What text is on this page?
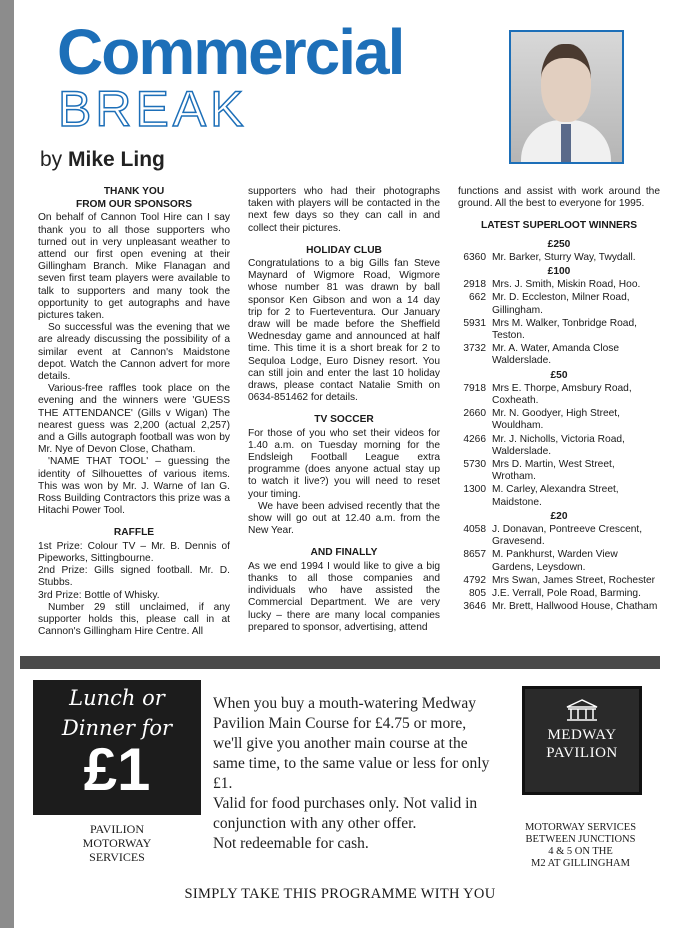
Commercial
BREAK
by Mike Ling
THANK YOU
FROM OUR SPONSORS

On behalf of Cannon Tool Hire can I say thank you to all those supporters who turned out in very unpleasant weather to attend our first open evening at their Gillingham Branch. Mike Flanagan and seven first team players were available to talk to supporters and many took the opportunity to get autographs and have pictures taken.

So successful was the evening that we are already discussing the possibility of a similar event at Cannon's Maidstone depot. Watch the Cannon advert for more details.

Various-free raffles took place on the evening and the winners were 'GUESS THE ATTENDANCE' (Gills v Wigan) The nearest guess was 2,200 (actual 2,257) and a Gills autograph football was won by Mr. Nye of Devon Close, Chatham.

'NAME THAT TOOL' – guessing the identity of Silhouettes of various items. This was won by Mr. J. Warne of Ian G. Ross Building Contractors this prize was a Hitachi Power Tool.

RAFFLE

1st Prize: Colour TV – Mr. B. Dennis of Pipeworks, Sittingbourne.

2nd Prize: Gills signed football. Mr. D. Stubbs.

3rd Prize: Bottle of Whisky.

Number 29 still unclaimed, if any supporter holds this, please call in at Cannon's Gillingham Hire Centre. All

supporters who had their photographs taken with players will be contacted in the next few days so they can call in and collect their pictures.

HOLIDAY CLUB

Congratulations to a big Gills fan Steve Maynard of Wigmore Road, Wigmore whose number 81 was drawn by ball sponsor Ken Gibson and won a 14 day trip for 2 to Fuerteventura. Our January draw will be made before the Sheffield Wednesday game and announced at half time. This time it is a short break for 2 to Sequloa Lodge, Euro Disney resort. You can still join and enter the last 10 holiday draws, please contact Natalie Smith on 0634-851462 for details.

TV SOCCER

For those of you who set their videos for 1.40 a.m. on Tuesday morning for the Endsleigh Football League extra programme (does anyone actual stay up to watch it live?) you will need to reset your timing.

We have been advised recently that the show will go out at 12.40 a.m. from the New Year.

AND FINALLY

As we end 1994 I would like to give a big thanks to all those companies and individuals who have assisted the Commercial Department. We are very lucky – there are many local companies prepared to sponsor, advertising, attend

functions and assist with work around the ground. All the best to everyone for 1995.

LATEST SUPERLOOT WINNERS
£250
6360 Mr. Barker, Sturry Way, Twydall.
£100
2918 Mrs. J. Smith, Miskin Road, Hoo.
662 Mr. D. Eccleston, Milner Road, Gillingham.
5931 Mrs M. Walker, Tonbridge Road, Teston.
3732 Mr. A. Water, Amanda Close Walderslade.
£50
7918 Mrs E. Thorpe, Amsbury Road, Coxheath.
2660 Mr. N. Goodyer, High Street, Wouldham.
4266 Mr. J. Nicholls, Victoria Road, Walderslade.
5730 Mrs D. Martin, West Street, Wrotham.
1300 M. Carley, Alexandra Street, Maidstone.
£20
4058 J. Donavan, Pontreeve Crescent, Gravesend.
8657 M. Pankhurst, Warden View Gardens, Leysdown.
4792 Mrs Swan, James Street, Rochester
805 J.E. Verrall, Pole Road, Barming.
3646 Mr. Brett, Hallwood House, Chatham
Lunch or
Dinner for
£1
PAVILION
MOTORWAY
SERVICES

When you buy a mouth-watering Medway Pavilion Main Course for £4.75 or more, we'll give you another main course at the same time, to the same value or less for only £1.

Valid for food purchases only. Not valid in conjunction with any other offer.

Not redeemable for cash.

MEDWAY
PAVILION
MOTORWAY SERVICES
BETWEEN JUNCTIONS
4 & 5 ON THE
M2 AT GILLINGHAM
SIMPLY TAKE THIS PROGRAMME WITH YOU
